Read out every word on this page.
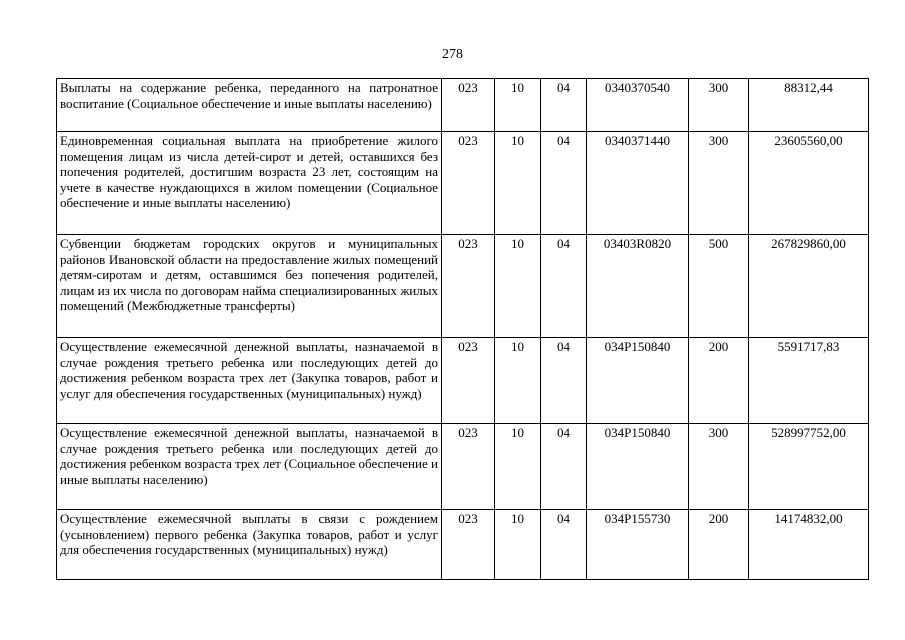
278
Выплаты на содержание ребенка, переданного на патронатное воспитание (Социальное обеспечение и иные выплаты населению)	023	10	04	0340370540	300	88312,44
Единовременная социальная выплата на приобретение жилого помещения лицам из числа детей-сирот и детей, оставшихся без попечения родителей, достигшим возраста 23 лет, состоящим на учете в качестве нуждающихся в жилом помещении (Социальное обеспечение и иные выплаты населению)	023	10	04	0340371440	300	23605560,00
Субвенции бюджетам городских округов и муниципальных районов Ивановской области на предоставление жилых помещений детям-сиротам и детям, оставшимся без попечения родителей, лицам из их числа по договорам найма специализированных жилых помещений (Межбюджетные трансферты)	023	10	04	03403R0820	500	267829860,00
Осуществление ежемесячной денежной выплаты, назначаемой в случае рождения третьего ребенка или последующих детей до достижения ребенком возраста трех лет (Закупка товаров, работ и услуг для обеспечения государственных (муниципальных) нужд)	023	10	04	034P150840	200	5591717,83
Осуществление ежемесячной денежной выплаты, назначаемой в случае рождения третьего ребенка или последующих детей до достижения ребенком возраста трех лет (Социальное обеспечение и иные выплаты населению)	023	10	04	034P150840	300	528997752,00
Осуществление ежемесячной выплаты в связи с рождением (усыновлением) первого ребенка (Закупка товаров, работ и услуг для обеспечения государственных (муниципальных) нужд)	023	10	04	034P155730	200	14174832,00
